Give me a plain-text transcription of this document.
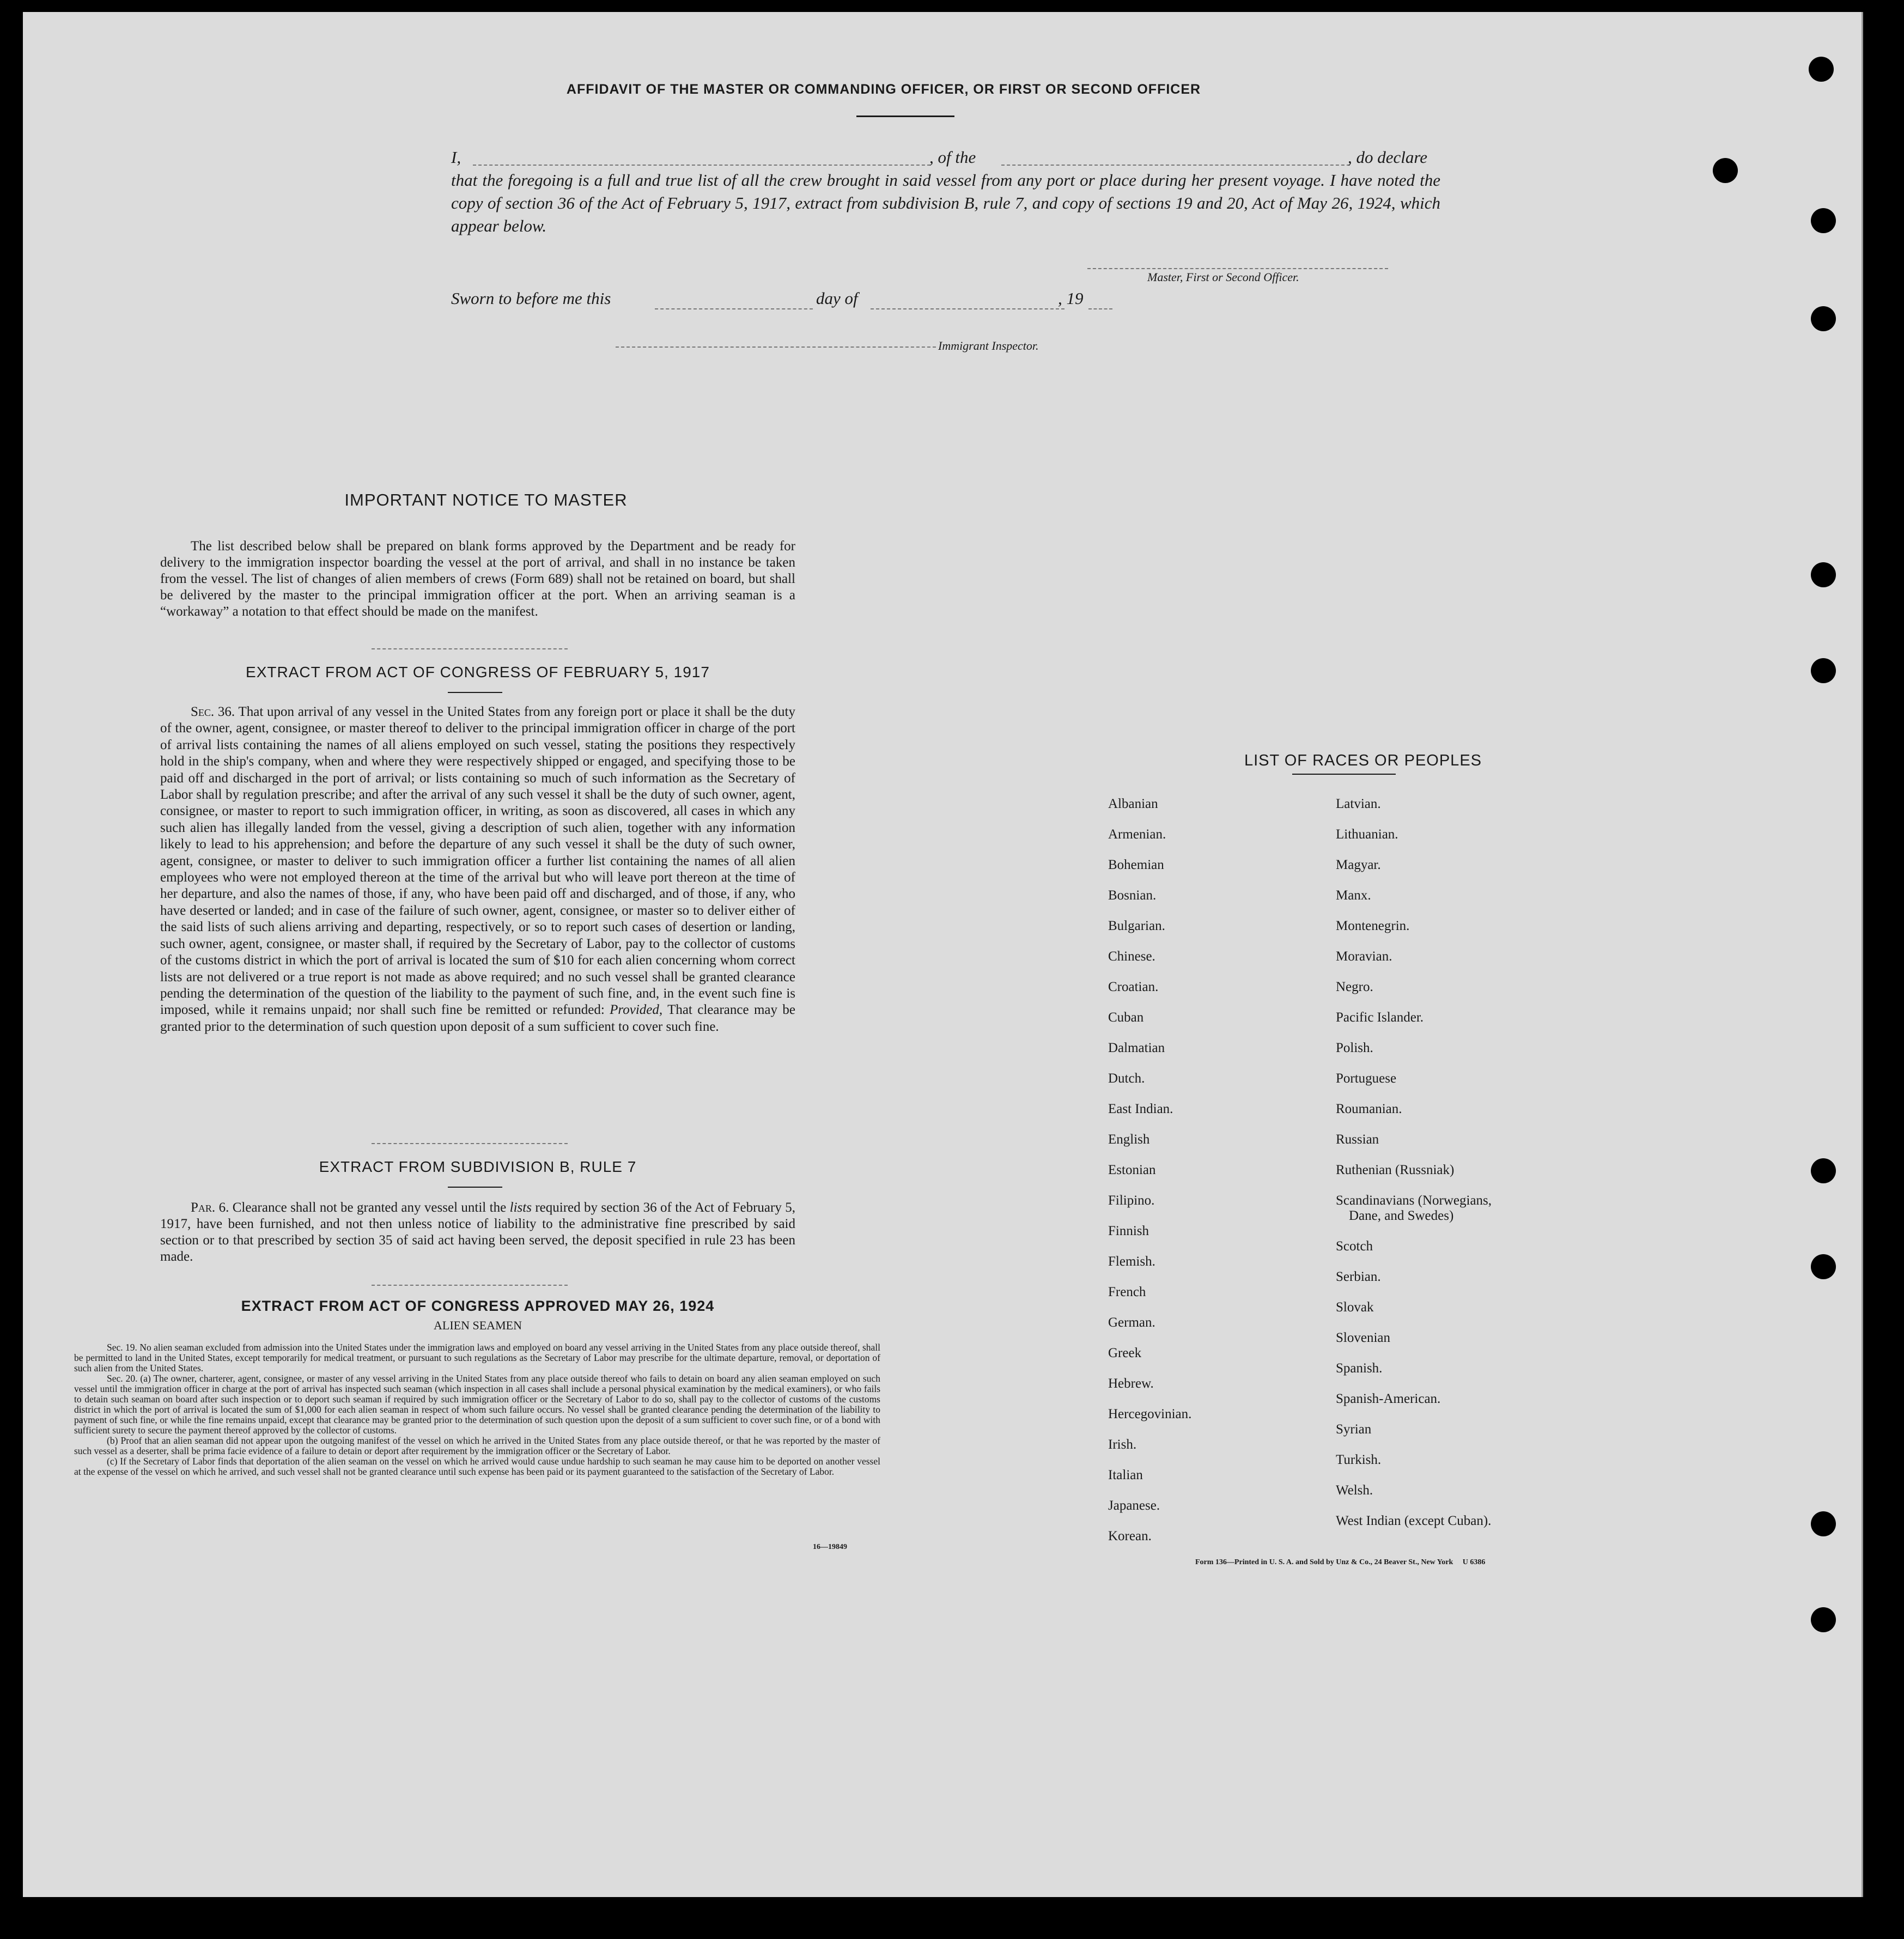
AFFIDAVIT OF THE MASTER OR COMMANDING OFFICER, OR FIRST OR SECOND OFFICER
I,	, of the	, do declare
that the foregoing is a full and true list of all the crew brought in said vessel from any port or place during her present voyage. I have noted the copy of section 36 of the Act of February 5, 1917, extract from subdivision B, rule 7, and copy of sections 19 and 20, Act of May 26, 1924, which appear below.
Master, First or Second Officer.
Sworn to before me this	day of	, 19
Immigrant Inspector.
IMPORTANT NOTICE TO MASTER
The list described below shall be prepared on blank forms approved by the Department and be ready for delivery to the immigration inspector boarding the vessel at the port of arrival, and shall in no instance be taken from the vessel. The list of changes of alien members of crews (Form 689) shall not be retained on board, but shall be delivered by the master to the principal immigration officer at the port. When an arriving seaman is a “workaway” a notation to that effect should be made on the manifest.
EXTRACT FROM ACT OF CONGRESS OF FEBRUARY 5, 1917
Sec. 36. That upon arrival of any vessel in the United States from any foreign port or place it shall be the duty of the owner, agent, consignee, or master thereof to deliver to the principal immigration officer in charge of the port of arrival lists containing the names of all aliens employed on such vessel, stating the positions they respectively hold in the ship's company, when and where they were respectively shipped or engaged, and specifying those to be paid off and discharged in the port of arrival; or lists containing so much of such information as the Secretary of Labor shall by regulation prescribe; and after the arrival of any such vessel it shall be the duty of such owner, agent, consignee, or master to report to such immigration officer, in writing, as soon as discovered, all cases in which any such alien has illegally landed from the vessel, giving a description of such alien, together with any information likely to lead to his apprehension; and before the departure of any such vessel it shall be the duty of such owner, agent, consignee, or master to deliver to such immigration officer a further list containing the names of all alien employees who were not employed thereon at the time of the arrival but who will leave port thereon at the time of her departure, and also the names of those, if any, who have been paid off and discharged, and of those, if any, who have deserted or landed; and in case of the failure of such owner, agent, consignee, or master so to deliver either of the said lists of such aliens arriving and departing, respectively, or so to report such cases of desertion or landing, such owner, agent, consignee, or master shall, if required by the Secretary of Labor, pay to the collector of customs of the customs district in which the port of arrival is located the sum of $10 for each alien concerning whom correct lists are not delivered or a true report is not made as above required; and no such vessel shall be granted clearance pending the determination of the question of the liability to the payment of such fine, and, in the event such fine is imposed, while it remains unpaid; nor shall such fine be remitted or refunded: Provided, That clearance may be granted prior to the determination of such question upon deposit of a sum sufficient to cover such fine.
EXTRACT FROM SUBDIVISION B, RULE 7
Par. 6. Clearance shall not be granted any vessel until the lists required by section 36 of the Act of February 5, 1917, have been furnished, and not then unless notice of liability to the administrative fine prescribed by said section or to that prescribed by section 35 of said act having been served, the deposit specified in rule 23 has been made.
EXTRACT FROM ACT OF CONGRESS APPROVED MAY 26, 1924
ALIEN SEAMEN
Sec. 19. No alien seaman excluded from admission into the United States under the immigration laws and employed on board any vessel arriving in the United States from any place outside thereof, shall be permitted to land in the United States, except temporarily for medical treatment, or pursuant to such regulations as the Secretary of Labor may prescribe for the ultimate departure, removal, or deportation of such alien from the United States.
Sec. 20. (a) The owner, charterer, agent, consignee, or master of any vessel arriving in the United States from any place outside thereof who fails to detain on board any alien seaman employed on such vessel until the immigration officer in charge at the port of arrival has inspected such seaman (which inspection in all cases shall include a personal physical examination by the medical examiners), or who fails to detain such seaman on board after such inspection or to deport such seaman if required by such immigration officer or the Secretary of Labor to do so, shall pay to the collector of customs of the customs district in which the port of arrival is located the sum of $1,000 for each alien seaman in respect of whom such failure occurs. No vessel shall be granted clearance pending the determination of the liability to payment of such fine, or while the fine remains unpaid, except that clearance may be granted prior to the determination of such question upon the deposit of a sum sufficient to cover such fine, or of a bond with sufficient surety to secure the payment thereof approved by the collector of customs.
(b) Proof that an alien seaman did not appear upon the outgoing manifest of the vessel on which he arrived in the United States from any place outside thereof, or that he was reported by the master of such vessel as a deserter, shall be prima facie evidence of a failure to detain or deport after requirement by the immigration officer or the Secretary of Labor.
(c) If the Secretary of Labor finds that deportation of the alien seaman on the vessel on which he arrived would cause undue hardship to such seaman he may cause him to be deported on another vessel at the expense of the vessel on which he arrived, and such vessel shall not be granted clearance until such expense has been paid or its payment guaranteed to the satisfaction of the Secretary of Labor.
16—19849
LIST OF RACES OR PEOPLES
Albanian
Armenian.
Bohemian
Bosnian.
Bulgarian.
Chinese.
Croatian.
Cuban
Dalmatian
Dutch.
East Indian.
English
Estonian
Filipino.
Finnish
Flemish.
French
German.
Greek
Hebrew.
Hercegovinian.
Irish.
Italian
Japanese.
Korean.
Latvian.
Lithuanian.
Magyar.
Manx.
Montenegrin.
Moravian.
Negro.
Pacific Islander.
Polish.
Portuguese
Roumanian.
Russian
Ruthenian (Russniak)
Scandinavians (Norwegians,
Dane, and Swedes)
Scotch
Serbian.
Slovak
Slovenian
Spanish.
Spanish-American.
Syrian
Turkish.
Welsh.
West Indian (except Cuban).
Form 136—Printed in U. S. A. and Sold by Unz & Co., 24 Beaver St., New York U 6386
